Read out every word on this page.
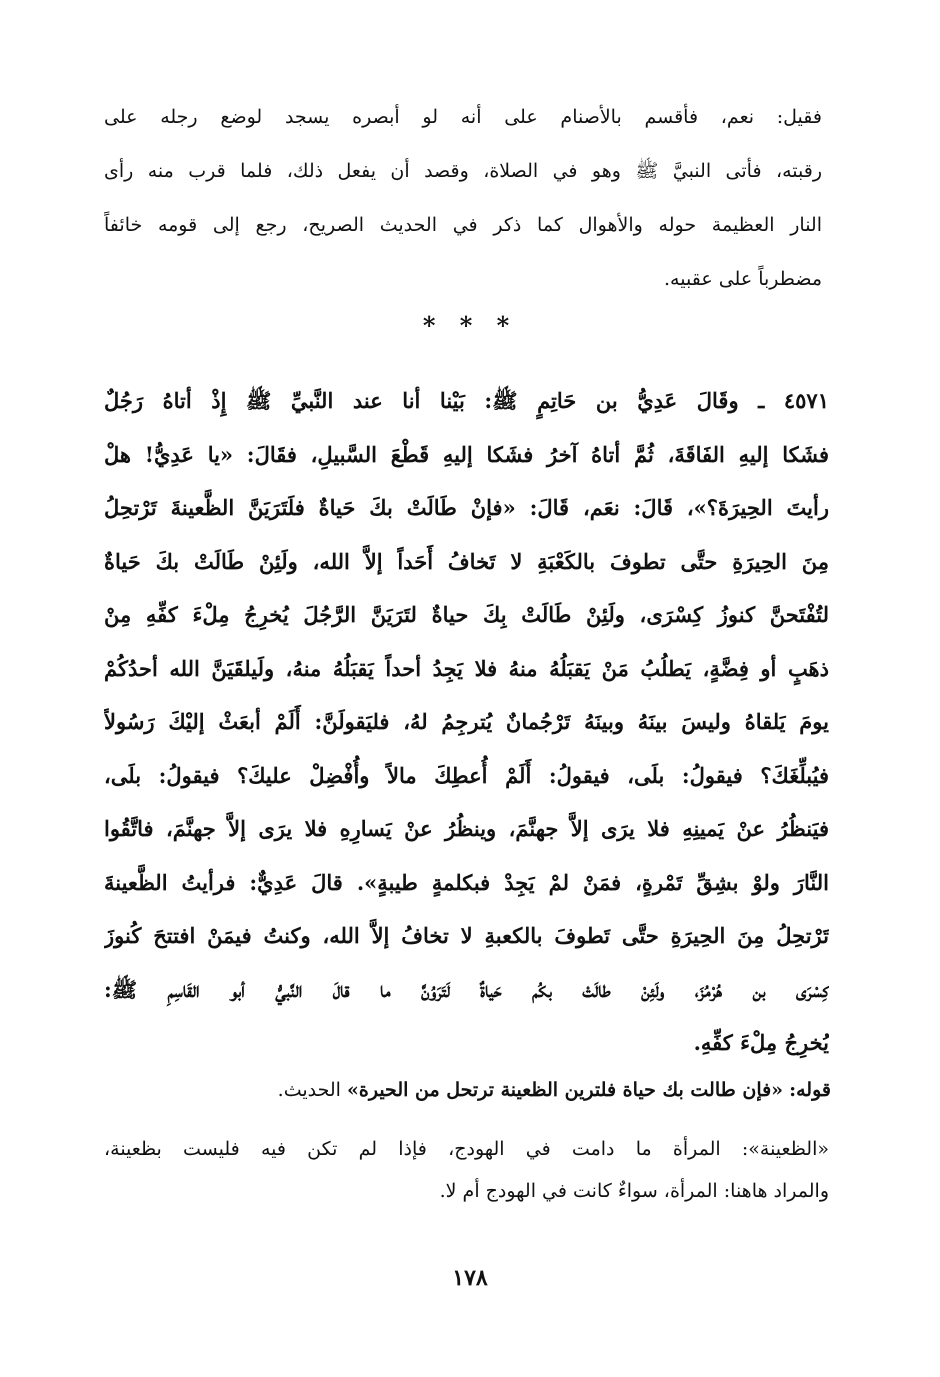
فقيل: نعم، فأقسم بالأصنام على أنه لو أبصره يسجد لوضع رجله على
رقبته، فأتى النبيَّ ﷺ وهو في الصلاة، وقصد أن يفعل ذلك، فلما قرب منه رأى
النار العظيمة حوله والأهوال كما ذكر في الحديث الصريح، رجع إلى قومه خائفاً
مضطرباً على عقبيه.
* * *
٤٥٧١ ـ وقَالَ عَدِيُّ بن حَاتِمٍ ﷺ: بَيْنا أنا عند النَّبيِّ ﷺ إِذْ أتاهُ رَجُلٌ
فشَكا إليهِ الفَاقَةَ، ثُمَّ أتاهُ آخرُ فشَكا إليهِ قَطْعَ السَّبيلِ، فقَالَ: «يا عَدِيُّ! هلْ
رأيتَ الحِيرَةَ؟»، قَالَ: نعَم، قَالَ: «فإنْ طَالَتْ بكَ حَياةٌ فلَتَرَيَنَّ الظَّعينةَ تَرْتحِلُ
مِنَ الحِيرَةِ حتَّى تطوفَ بالكَعْبَةِ لا تَخافُ أَحَداً إلاَّ الله، ولَئِنْ طَالَتْ بكَ حَياةٌ
لتُفْتَحنَّ كنوزُ كِسْرَى، ولَئِنْ طَالَتْ بِكَ حياةٌ لتَرَيَنَّ الرَّجُلَ يُخرِجُ مِلْءَ كفِّهِ مِنْ
ذهَبٍ أو فِضَّةٍ، يَطلُبُ مَنْ يَقبَلُهُ منهُ فلا يَجِدُ أحداً يَقبَلُهُ منهُ، ولَيلقَيَنَّ الله أحدُكُمْ
يومَ يَلقاهُ وليسَ بينَهُ وبينَهُ تَرْجُمانٌ يُترجِمُ لهُ، فليَقولَنَّ: أَلَمْ أبعَثْ إليْكَ رَسُولاً
فيُبلِّغَكَ؟ فيقولُ: بلَى، فيقولُ: أَلَمْ أُعطِكَ مالاً وأُفْضِلْ عليكَ؟ فيقولُ: بلَى،
فيَنظُرُ عنْ يَمينِهِ فلا يرَى إلاَّ جهنَّمَ، وينظُرُ عنْ يَسارِهِ فلا يرَى إلاَّ جهنَّمَ، فاتَّقُوا
النَّارَ ولوْ بشِقِّ تَمْرةٍ، فمَنْ لمْ يَجِدْ فبكلمةٍ طيبةٍ». قالَ عَدِيٌّ: فرأيتُ الظَّعينةَ
تَرْتحِلُ مِنَ الحِيرَةِ حتَّى تَطوفَ بالكعبةِ لا تخافُ إلاَّ الله، وكنتُ فيمَنْ افتتحَ كُنوزَ
كِسْرَى بن هُرْمُزَ، ولَئِنْ طالَتْ بكُم حَياةٌ لَتَرَوُنَّ ما قالَ النَّبيُّ أبو القَاسِمِ ﷺ:
يُخرِجُ مِلْءَ كفِّهِ.
قوله: «فإن طالت بك حياة فلترين الظعينة ترتحل من الحيرة» الحديث.
«الظعينة»: المرأة ما دامت في الهودج، فإذا لم تكن فيه فليست بظعينة،
والمراد هاهنا: المرأة، سواءٌ كانت في الهودج أم لا.
١٧٨
